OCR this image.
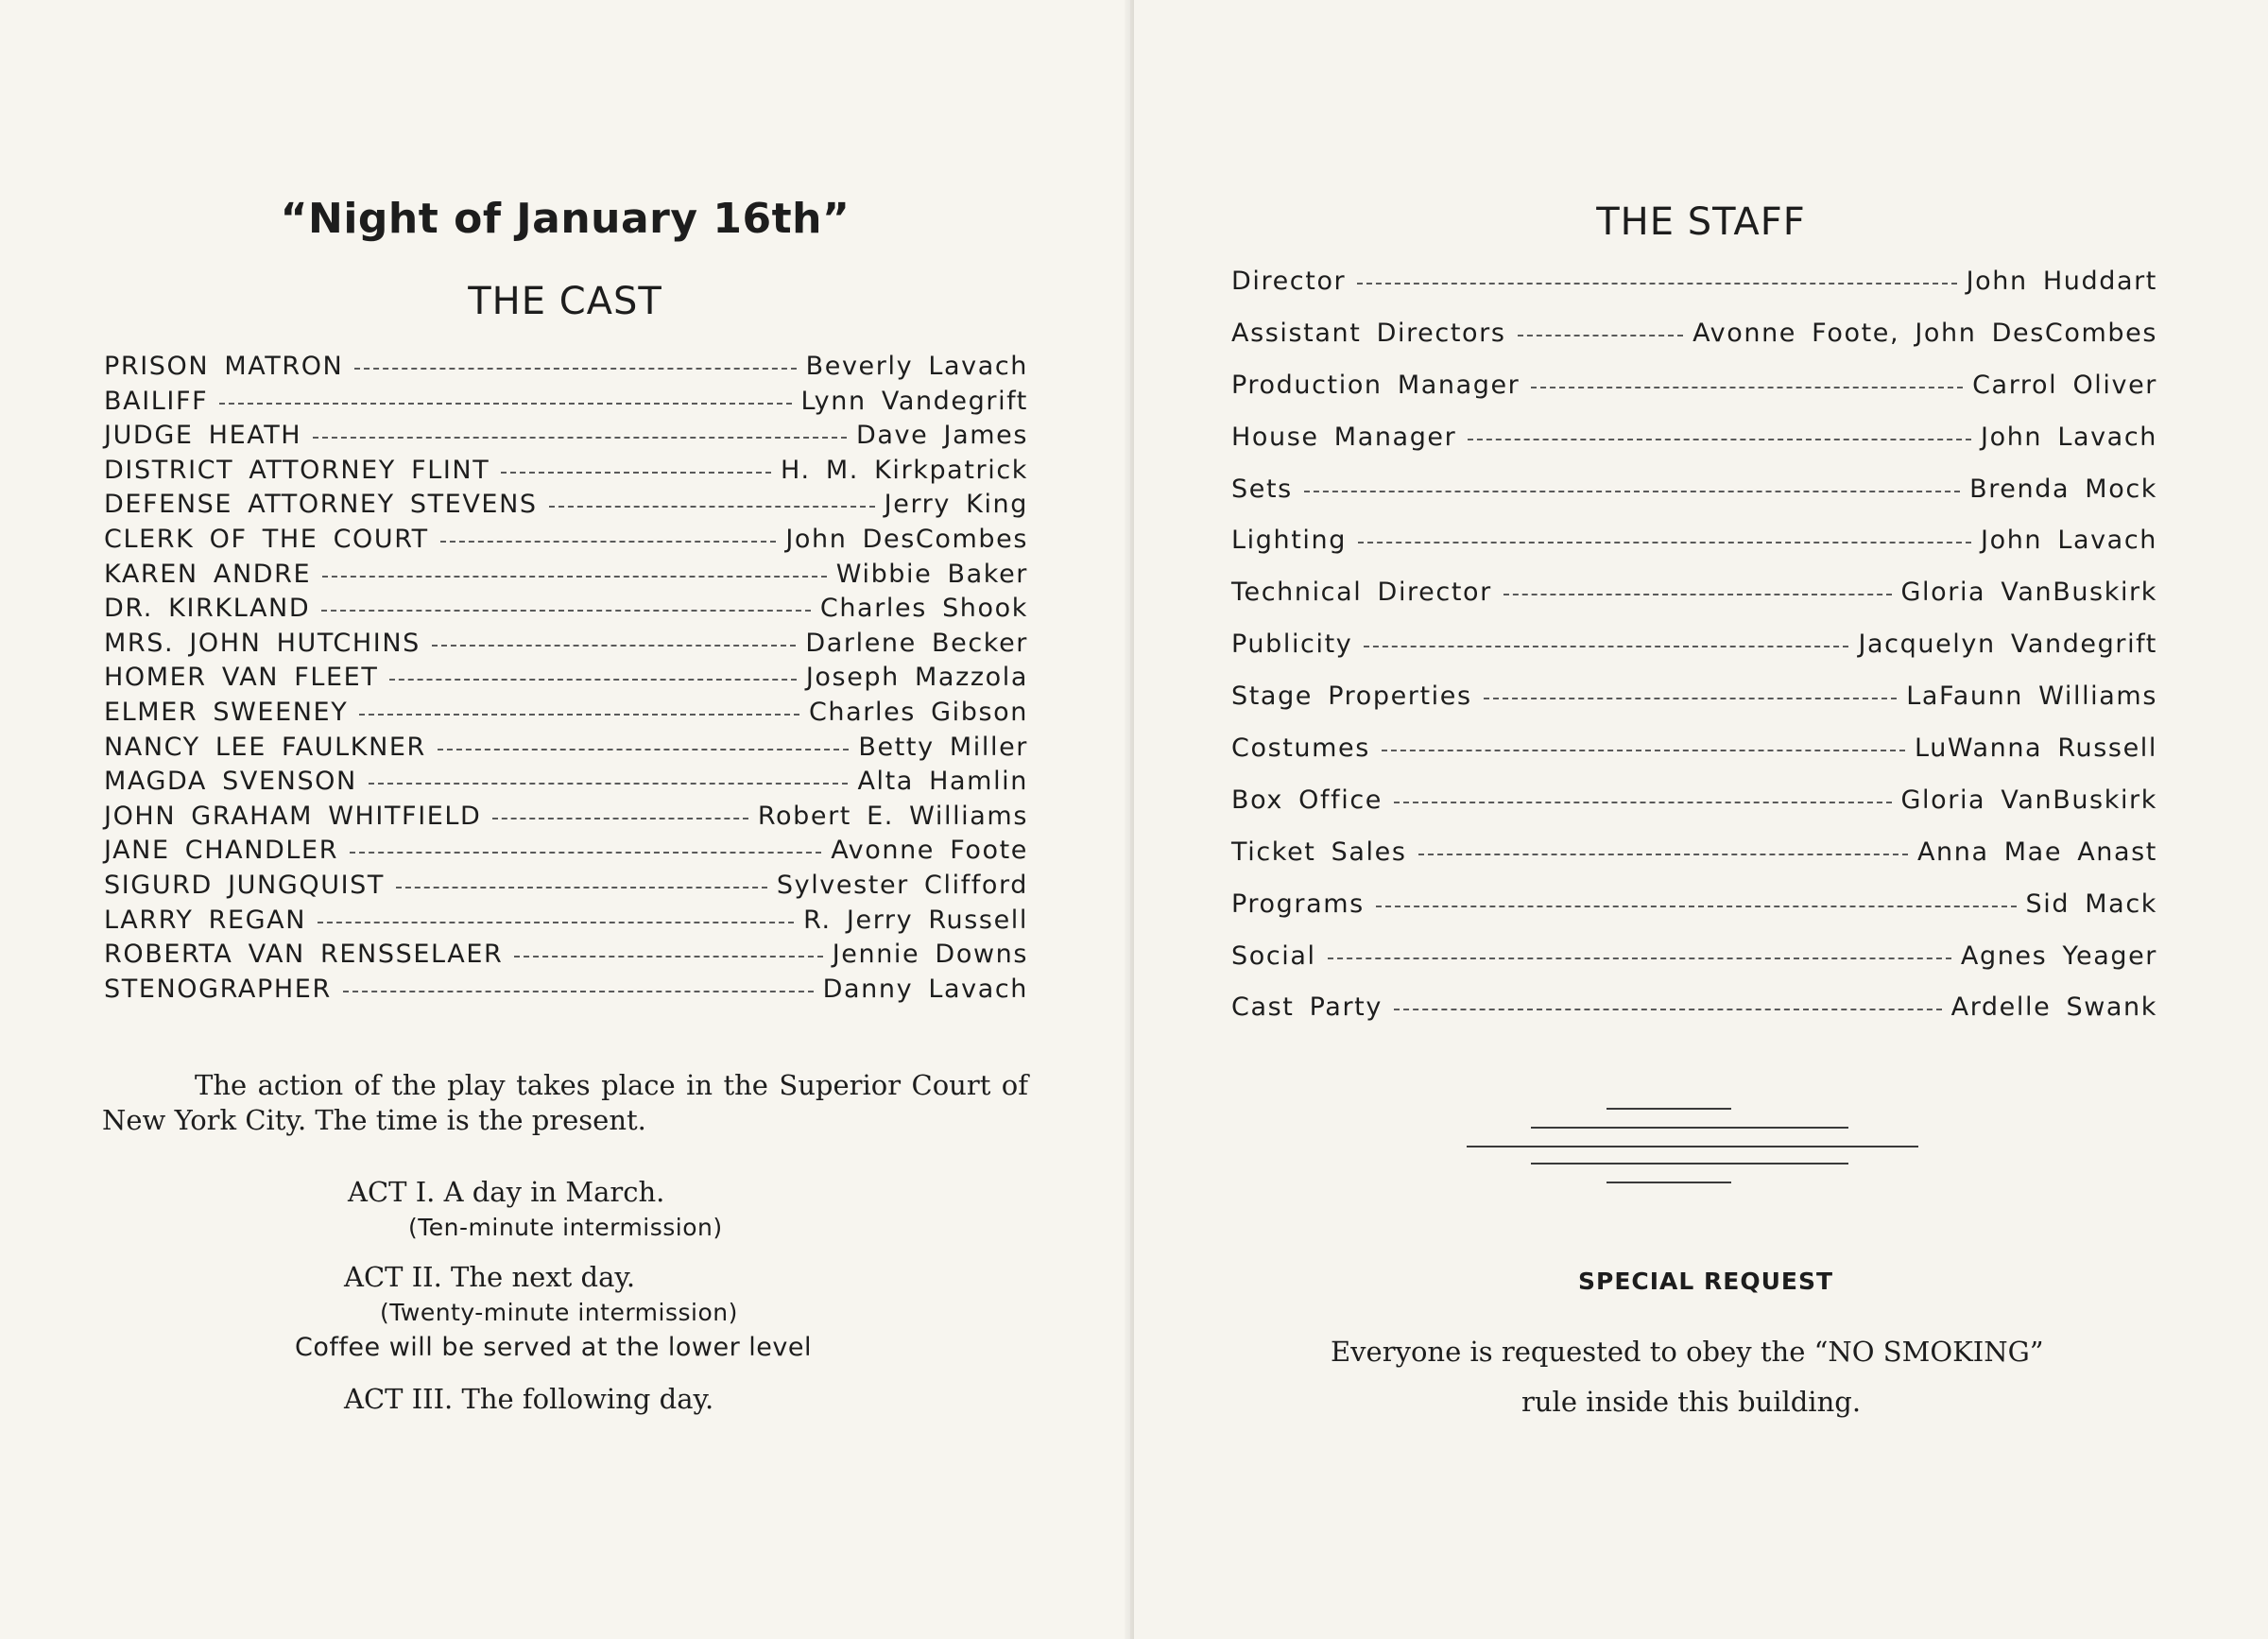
“Night of January 16th”
THE CAST
PRISON MATRON	Beverly Lavach
BAILIFF	Lynn Vandegrift
JUDGE HEATH	Dave James
DISTRICT ATTORNEY FLINT	H. M. Kirkpatrick
DEFENSE ATTORNEY STEVENS	Jerry King
CLERK OF THE COURT	John DesCombes
KAREN ANDRE	Wibbie Baker
DR. KIRKLAND	Charles Shook
MRS. JOHN HUTCHINS	Darlene Becker
HOMER VAN FLEET	Joseph Mazzola
ELMER SWEENEY	Charles Gibson
NANCY LEE FAULKNER	Betty Miller
MAGDA SVENSON	Alta Hamlin
JOHN GRAHAM WHITFIELD	Robert E. Williams
JANE CHANDLER	Avonne Foote
SIGURD JUNGQUIST	Sylvester Clifford
LARRY REGAN	R. Jerry Russell
ROBERTA VAN RENSSELAER	Jennie Downs
STENOGRAPHER	Danny Lavach
The action of the play takes place in the Superior Court of New York City. The time is the present.
ACT I. A day in March.
(Ten-minute intermission)
ACT II. The next day.
(Twenty-minute intermission)
Coffee will be served at the lower level
ACT III. The following day.
THE STAFF
Director	John Huddart
Assistant Directors	Avonne Foote, John DesCombes
Production Manager	Carrol Oliver
House Manager	John Lavach
Sets	Brenda Mock
Lighting	John Lavach
Technical Director	Gloria VanBuskirk
Publicity	Jacquelyn Vandegrift
Stage Properties	LaFaunn Williams
Costumes	LuWanna Russell
Box Office	Gloria VanBuskirk
Ticket Sales	Anna Mae Anast
Programs	Sid Mack
Social	Agnes Yeager
Cast Party	Ardelle Swank
SPECIAL REQUEST
Everyone is requested to obey the “NO SMOKING”
rule inside this building.
